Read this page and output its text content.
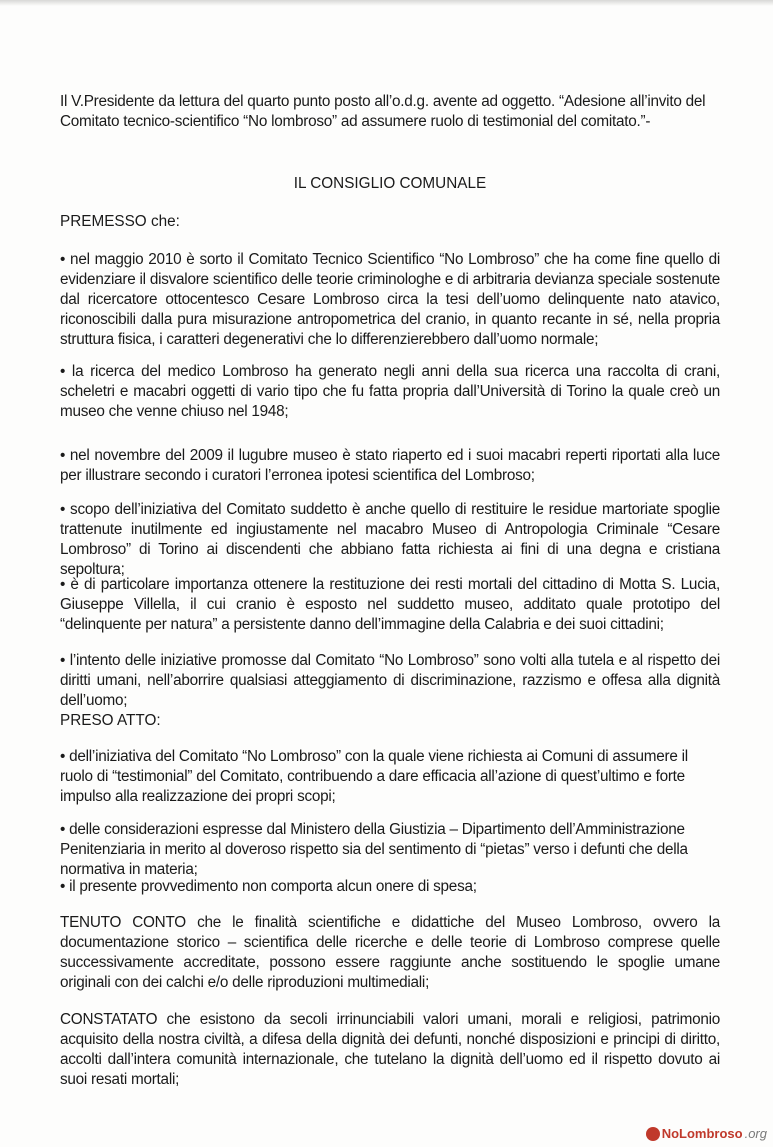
Il V.Presidente da lettura del quarto punto posto all’o.d.g. avente ad oggetto. “Adesione all’invito del Comitato tecnico-scientifico “No lombroso” ad assumere ruolo di testimonial del comitato.”-
IL CONSIGLIO COMUNALE
PREMESSO che:
• nel maggio 2010 è sorto il Comitato Tecnico Scientifico “No Lombroso” che ha come fine quello di evidenziare il disvalore scientifico delle teorie criminologhe e di arbitraria devianza speciale sostenute dal ricercatore ottocentesco Cesare Lombroso circa la tesi dell’uomo delinquente nato atavico, riconoscibili dalla pura misurazione antropometrica del cranio, in quanto recante in sé, nella propria struttura fisica, i caratteri degenerativi che lo differenzierebbero dall’uomo normale;
• la ricerca del medico Lombroso ha generato negli anni della sua ricerca una raccolta di crani, scheletri e macabri oggetti di vario tipo che fu fatta propria dall’Università di Torino la quale creò un museo che venne chiuso nel 1948;
• nel novembre del 2009 il lugubre museo è stato riaperto ed i suoi macabri reperti riportati alla luce per illustrare secondo i curatori l’erronea ipotesi scientifica del Lombroso;
• scopo dell’iniziativa del Comitato suddetto è anche quello di restituire le residue martoriate spoglie trattenute inutilmente ed ingiustamente nel macabro Museo di Antropologia Criminale “Cesare Lombroso” di Torino ai discendenti che abbiano fatta richiesta ai fini di una degna e cristiana sepoltura;
• è di particolare importanza ottenere la restituzione dei resti mortali del cittadino di Motta S. Lucia, Giuseppe Villella, il cui cranio è esposto nel suddetto museo, additato quale prototipo del “delinquente per natura” a persistente danno dell’immagine della Calabria e dei suoi cittadini;
• l’intento delle iniziative promosse dal Comitato “No Lombroso” sono volti alla tutela e al rispetto dei diritti umani, nell’aborrire qualsiasi atteggiamento di discriminazione, razzismo e offesa alla dignità dell’uomo;
PRESO ATTO:
• dell’iniziativa del Comitato “No Lombroso” con la quale viene richiesta ai Comuni di assumere il ruolo di “testimonial” del Comitato, contribuendo a dare efficacia all’azione di quest’ultimo e forte impulso alla realizzazione dei propri scopi;
• delle considerazioni espresse dal Ministero della Giustizia – Dipartimento dell’Amministrazione Penitenziaria in merito al doveroso rispetto sia del sentimento di “pietas” verso i defunti che della normativa in materia;
• il presente provvedimento non comporta alcun onere di spesa;
TENUTO CONTO che le finalità scientifiche e didattiche del Museo Lombroso, ovvero la documentazione storico – scientifica delle ricerche e delle teorie di Lombroso comprese quelle successivamente accreditate, possono essere raggiunte anche sostituendo le spoglie umane originali con dei calchi e/o delle riproduzioni multimediali;
CONSTATATO che esistono da secoli irrinunciabili valori umani, morali e religiosi, patrimonio acquisito della nostra civiltà, a difesa della dignità dei defunti, nonché disposizioni e principi di diritto, accolti dall’intera comunità internazionale, che tutelano la dignità dell’uomo ed il rispetto dovuto ai suoi resati mortali;
NoLombroso .org
